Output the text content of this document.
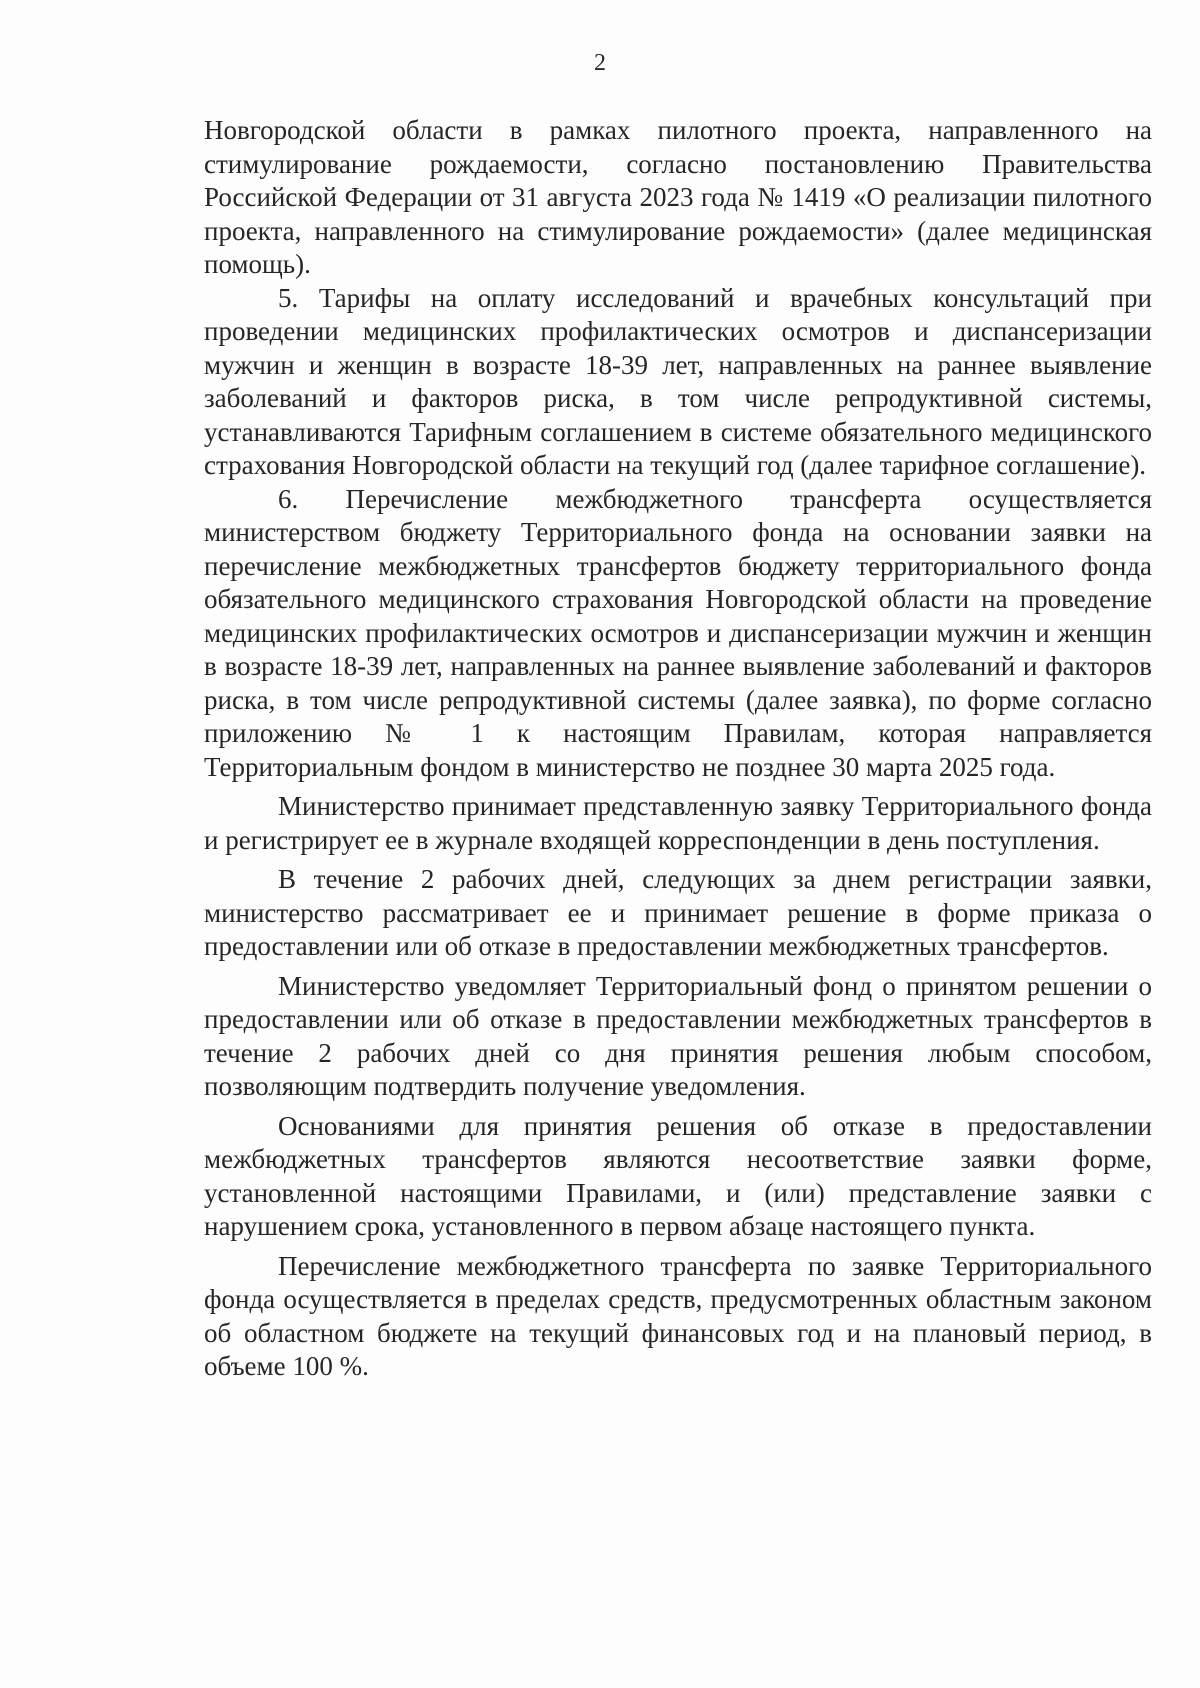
2

Новгородской области в рамках пилотного проекта, направленного на стимулирование рождаемости, согласно постановлению Правительства Российской Федерации от 31 августа 2023 года № 1419 «О реализации пилотного проекта, направленного на стимулирование рождаемости» (далее медицинская помощь).

5. Тарифы на оплату исследований и врачебных консультаций при проведении медицинских профилактических осмотров и диспансеризации мужчин и женщин в возрасте 18-39 лет, направленных на раннее выявление заболеваний и факторов риска, в том числе репродуктивной системы, устанавливаются Тарифным соглашением в системе обязательного медицинского страхования Новгородской области на текущий год (далее тарифное соглашение).

6. Перечисление межбюджетного трансферта осуществляется министерством бюджету Территориального фонда на основании заявки на перечисление межбюджетных трансфертов бюджету территориального фонда обязательного медицинского страхования Новгородской области на проведение медицинских профилактических осмотров и диспансеризации мужчин и женщин в возрасте 18-39 лет, направленных на раннее выявление заболеваний и факторов риска, в том числе репродуктивной системы (далее заявка), по форме согласно приложению № 1 к настоящим Правилам, которая направляется Территориальным фондом в министерство не позднее 30 марта 2025 года.

Министерство принимает представленную заявку Территориального фонда и регистрирует ее в журнале входящей корреспонденции в день поступления.

В течение 2 рабочих дней, следующих за днем регистрации заявки, министерство рассматривает ее и принимает решение в форме приказа о предоставлении или об отказе в предоставлении межбюджетных трансфертов.

Министерство уведомляет Территориальный фонд о принятом решении о предоставлении или об отказе в предоставлении межбюджетных трансфертов в течение 2 рабочих дней со дня принятия решения любым способом, позволяющим подтвердить получение уведомления.

Основаниями для принятия решения об отказе в предоставлении межбюджетных трансфертов являются несоответствие заявки форме, установленной настоящими Правилами, и (или) представление заявки с нарушением срока, установленного в первом абзаце настоящего пункта.

Перечисление межбюджетного трансферта по заявке Территориального фонда осуществляется в пределах средств, предусмотренных областным законом об областном бюджете на текущий финансовых год и на плановый период, в объеме 100 %.
